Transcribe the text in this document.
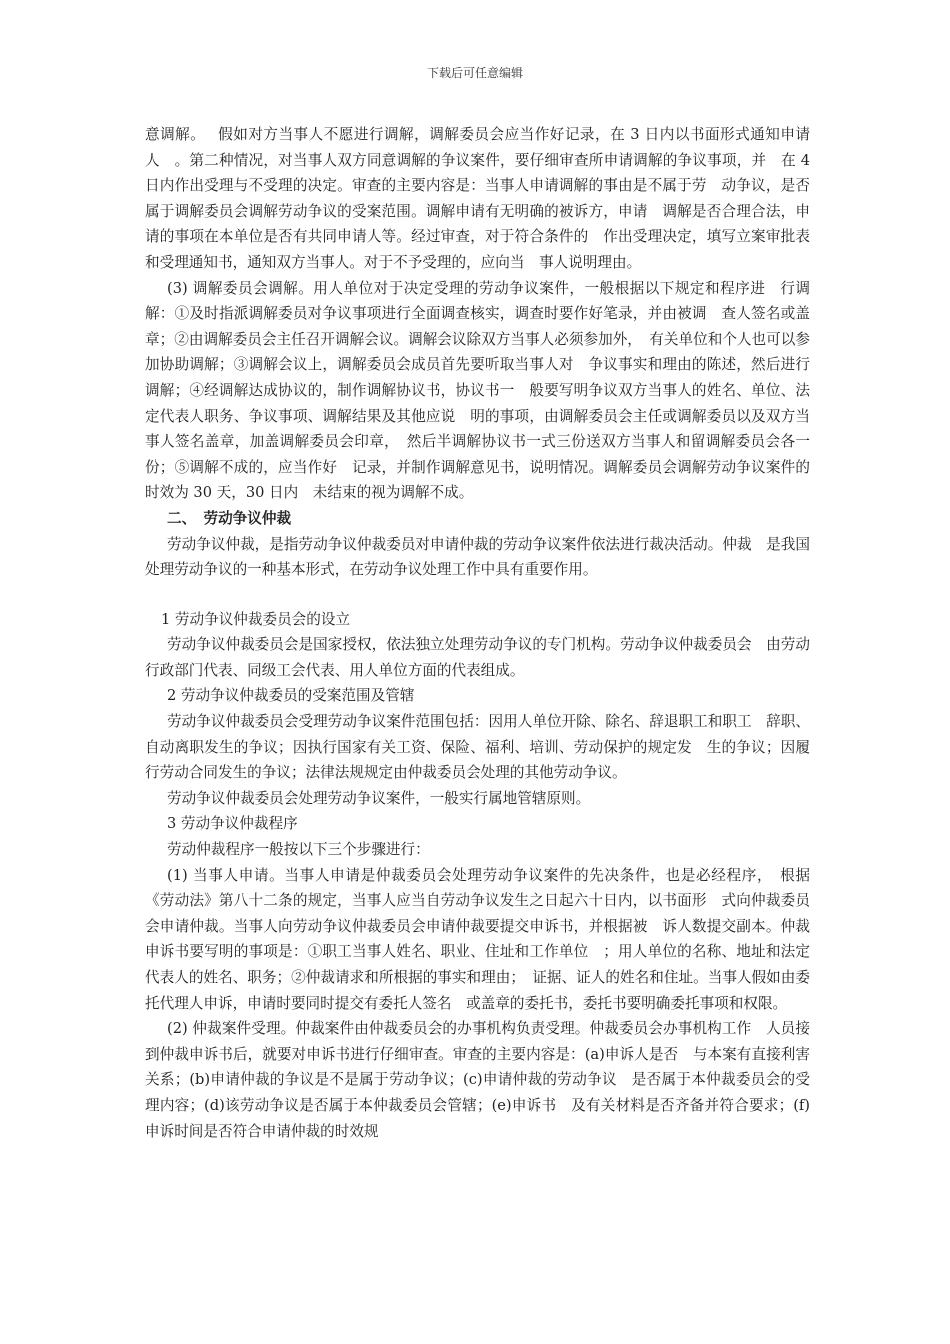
下载后可任意编辑

意调解。　 假如对方当事人不愿进行调解，调解委员会应当作好记录，在 3 日内以书面形式通知申请人　。第二种情况，对当事人双方同意调解的争议案件，要仔细审查所申请调解的争议事项，并　在 4 日内作出受理与不受理的决定。审查的主要内容是：当事人申请调解的事由是不属于劳　动争议，是否属于调解委员会调解劳动争议的受案范围。调解申请有无明确的被诉方，申请　调解是否合理合法，申请的事项在本单位是否有共同申请人等。经过审查，对于符合条件的　作出受理决定，填写立案审批表和受理通知书，通知双方当事人。对于不予受理的，应向当　事人说明理由。

(3) 调解委员会调解。用人单位对于决定受理的劳动争议案件，一般根据以下规定和程序进　行调解：①及时指派调解委员对争议事项进行全面调查核实，调查时要作好笔录，并由被调　查人签名或盖章；②由调解委员会主任召开调解会议。调解会议除双方当事人必须参加外，　有关单位和个人也可以参加协助调解；③调解会议上，调解委员会成员首先要听取当事人对　争议事实和理由的陈述，然后进行调解；④经调解达成协议的，制作调解协议书，协议书一　般要写明争议双方当事人的姓名、单位、法定代表人职务、争议事项、调解结果及其他应说　明的事项，由调解委员会主任或调解委员以及双方当事人签名盖章，加盖调解委员会印章，　然后半调解协议书一式三份送双方当事人和留调解委员会各一份；⑤调解不成的，应当作好　记录，并制作调解意见书，说明情况。调解委员会调解劳动争议案件的时效为 30 天，30 日内　未结束的视为调解不成。

二、　劳动争议仲裁

劳动争议仲裁，是指劳动争议仲裁委员对申请仲裁的劳动争议案件依法进行裁决活动。仲裁　是我国处理劳动争议的一种基本形式，在劳动争议处理工作中具有重要作用。

1 劳动争议仲裁委员会的设立

劳动争议仲裁委员会是国家授权，依法独立处理劳动争议的专门机构。劳动争议仲裁委员会　由劳动行政部门代表、同级工会代表、用人单位方面的代表组成。

2 劳动争议仲裁委员的受案范围及管辖

劳动争议仲裁委员会受理劳动争议案件范围包括：因用人单位开除、除名、辞退职工和职工　辞职、自动离职发生的争议；因执行国家有关工资、保险、福利、培训、劳动保护的规定发　生的争议；因履行劳动合同发生的争议；法律法规规定由仲裁委员会处理的其他劳动争议。

劳动争议仲裁委员会处理劳动争议案件，一般实行属地管辖原则。

3 劳动争议仲裁程序

劳动仲裁程序一般按以下三个步骤进行：

(1) 当事人申请。当事人申请是仲裁委员会处理劳动争议案件的先决条件，也是必经程序，　根据《劳动法》第八十二条的规定，当事人应当自劳动争议发生之日起六十日内，以书面形　式向仲裁委员会申请仲裁。当事人向劳动争议仲裁委员会申请仲裁要提交申诉书，并根据被　诉人数提交副本。仲裁申诉书要写明的事项是：①职工当事人姓名、职业、住址和工作单位　；用人单位的名称、地址和法定代表人的姓名、职务；②仲裁请求和所根据的事实和理由；　证据、证人的姓名和住址。当事人假如由委托代理人申诉，申请时要同时提交有委托人签名　或盖章的委托书，委托书要明确委托事项和权限。

(2) 仲裁案件受理。仲裁案件由仲裁委员会的办事机构负责受理。仲裁委员会办事机构工作　人员接到仲裁申诉书后，就要对申诉书进行仔细审查。审查的主要内容是：(a)申诉人是否　与本案有直接利害关系；(b)申请仲裁的争议是不是属于劳动争议；(c)申请仲裁的劳动争议　是否属于本仲裁委员会的受理内容；(d)该劳动争议是否属于本仲裁委员会管辖；(e)申诉书　及有关材料是否齐备并符合要求；(f)申诉时间是否符合申请仲裁的时效规
